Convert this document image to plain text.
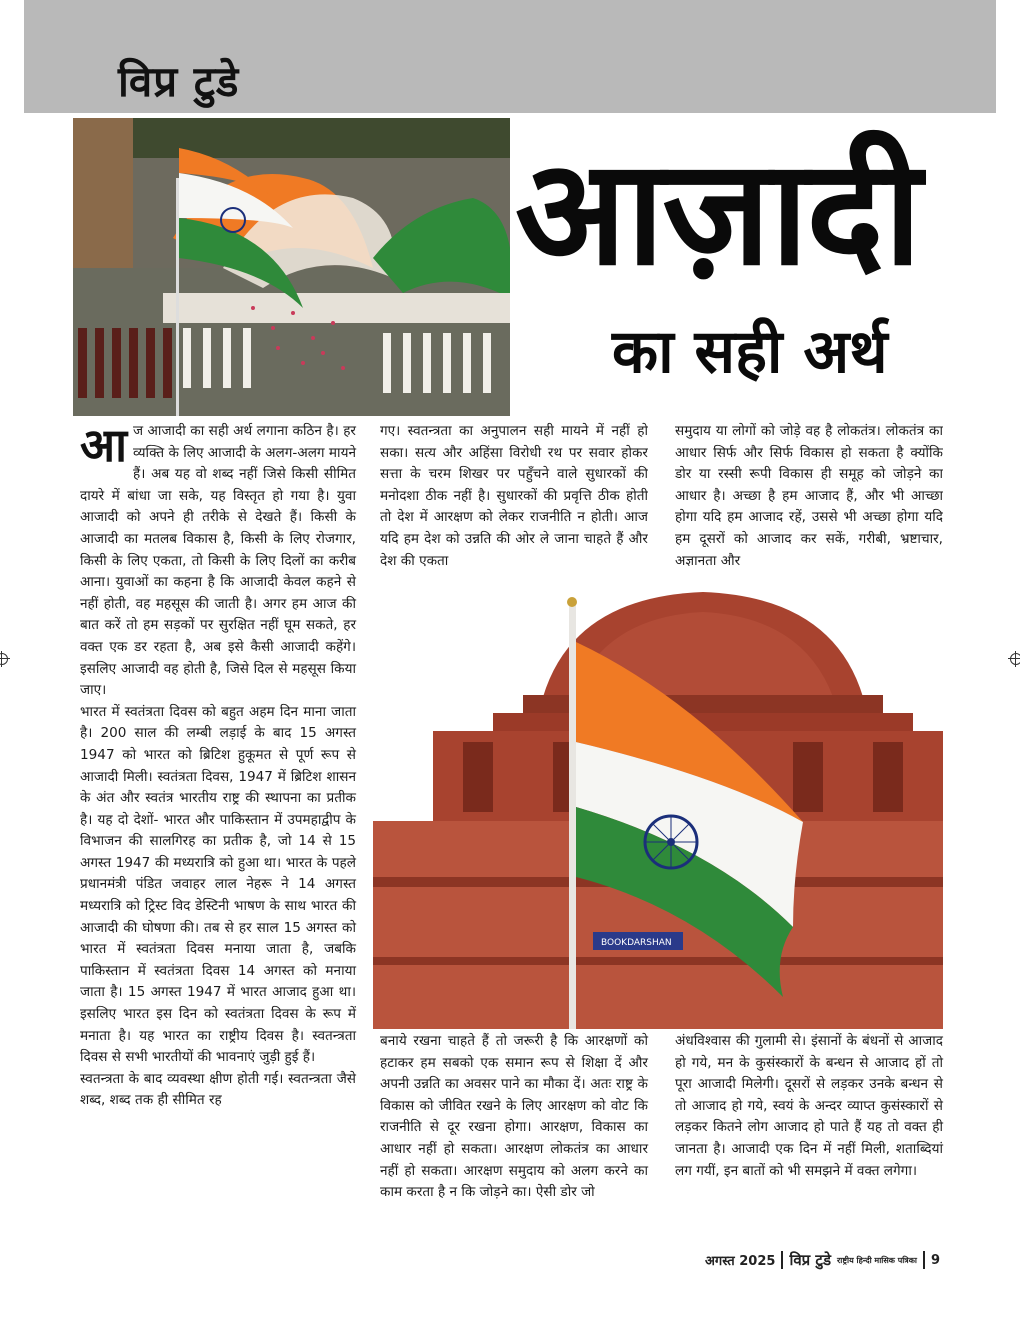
विप्र टुडे
आज़ादी
का सही अर्थ

आज आजादी का सही अर्थ लगाना कठिन है। हर व्यक्ति के लिए आजादी के अलग-अलग मायने हैं। अब यह वो शब्द नहीं जिसे किसी सीमित दायरे में बांधा जा सके, यह विस्तृत हो गया है। युवा आजादी को अपने ही तरीके से देखते हैं। किसी के आजादी का मतलब विकास है, किसी के लिए रोजगार, किसी के लिए एकता, तो किसी के लिए दिलों का करीब आना। युवाओं का कहना है कि आजादी केवल कहने से नहीं होती, वह महसूस की जाती है। अगर हम आज की बात करें तो हम सड़कों पर सुरक्षित नहीं घूम सकते, हर वक्त एक डर रहता है, अब इसे कैसी आजादी कहेंगे। इसलिए आजादी वह होती है, जिसे दिल से महसूस किया जाए।

भारत में स्वतंत्रता दिवस को बहुत अहम दिन माना जाता है। 200 साल की लम्बी लड़ाई के बाद 15 अगस्त 1947 को भारत को ब्रिटिश हुकूमत से पूर्ण रूप से आजादी मिली। स्वतंत्रता दिवस, 1947 में ब्रिटिश शासन के अंत और स्वतंत्र भारतीय राष्ट्र की स्थापना का प्रतीक है। यह दो देशों- भारत और पाकिस्तान में उपमहाद्वीप के विभाजन की सालगिरह का प्रतीक है, जो 14 से 15 अगस्त 1947 की मध्यरात्रि को हुआ था। भारत के पहले प्रधानमंत्री पंडित जवाहर लाल नेहरू ने 14 अगस्त मध्यरात्रि को ट्रिस्ट विद डेस्टिनी भाषण के साथ भारत की आजादी की घोषणा की। तब से हर साल 15 अगस्त को भारत में स्वतंत्रता दिवस मनाया जाता है, जबकि पाकिस्तान में स्वतंत्रता दिवस 14 अगस्त को मनाया जाता है। 15 अगस्त 1947 में भारत आजाद हुआ था। इसलिए भारत इस दिन को स्वतंत्रता दिवस के रूप में मनाता है। यह भारत का राष्ट्रीय दिवस है। स्वतन्त्रता दिवस से सभी भारतीयों की भावनाएं जुड़ी हुई हैं।

स्वतन्त्रता के बाद व्यवस्था क्षीण होती गई। स्वतन्त्रता जैसे शब्द, शब्द तक ही सीमित रह

गए। स्वतन्त्रता का अनुपालन सही मायने में नहीं हो सका। सत्य और अहिंसा विरोधी रथ पर सवार होकर सत्ता के चरम शिखर पर पहुँचने वाले सुधारकों की मनोदशा ठीक नहीं है। सुधारकों की प्रवृत्ति ठीक होती तो देश में आरक्षण को लेकर राजनीति न होती। आज यदि हम देश को उन्नति की ओर ले जाना चाहते हैं और देश की एकता

समुदाय या लोगों को जोड़े वह है लोकतंत्र। लोकतंत्र का आधार सिर्फ और सिर्फ विकास हो सकता है क्योंकि डोर या रस्सी रूपी विकास ही समूह को जोड़ने का आधार है। अच्छा है हम आजाद हैं, और भी आच्छा होगा यदि हम आजाद रहें, उससे भी अच्छा होगा यदि हम दूसरों को आजाद कर सकें, गरीबी, भ्रष्टाचार, अज्ञानता और

BOOKDARSHAN

बनाये रखना चाहते हैं तो जरूरी है कि आरक्षणों को हटाकर हम सबको एक समान रूप से शिक्षा दें और अपनी उन्नति का अवसर पाने का मौका दें। अतः राष्ट्र के विकास को जीवित रखने के लिए आरक्षण को वोट कि राजनीति से दूर रखना होगा। आरक्षण, विकास का आधार नहीं हो सकता। आरक्षण लोकतंत्र का आधार नहीं हो सकता। आरक्षण समुदाय को अलग करने का काम करता है न कि जोड़ने का। ऐसी डोर जो

अंधविश्वास की गुलामी से। इंसानों के बंधनों से आजाद हो गये, मन के कुसंस्कारों के बन्धन से आजाद हों तो पूरा आजादी मिलेगी। दूसरों से लड़कर उनके बन्धन से तो आजाद हो गये, स्वयं के अन्दर व्याप्त कुसंस्कारों से लड़कर कितने लोग आजाद हो पाते हैं यह तो वक्त ही जानता है। आजादी एक दिन में नहीं मिली, शताब्दियां लग गयीं, इन बातों को भी समझने में वक्त लगेगा।

अगस्त 2025 विप्र टुडे राष्ट्रीय हिन्दी मासिक पत्रिका 9
